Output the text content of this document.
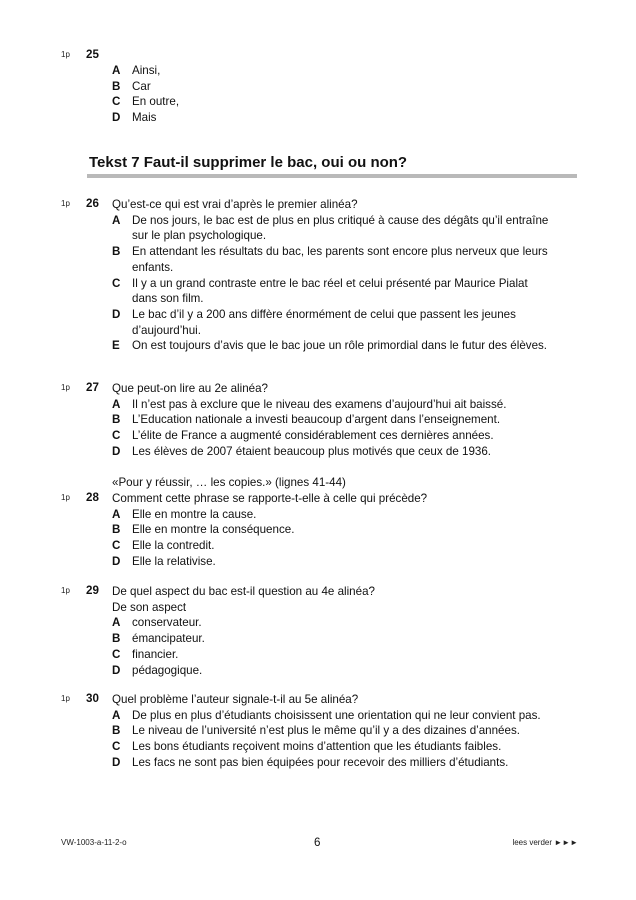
1p 25
A	Ainsi,
B	Car
C	En outre,
D	Mais
Tekst 7 Faut-il supprimer le bac, oui ou non?
1p 26 Qu’est-ce qui est vrai d’après le premier alinéa?
A	De nos jours, le bac est de plus en plus critiqué à cause des dégâts qu’il entraîne sur le plan psychologique.
B	En attendant les résultats du bac, les parents sont encore plus nerveux que leurs enfants.
C	Il y a un grand contraste entre le bac réel et celui présenté par Maurice Pialat dans son film.
D	Le bac d’il y a 200 ans diffère énormément de celui que passent les jeunes d’aujourd’hui.
E	On est toujours d’avis que le bac joue un rôle primordial dans le futur des élèves.
1p 27 Que peut-on lire au 2e alinéa?
A	Il n’est pas à exclure que le niveau des examens d’aujourd’hui ait baissé.
B	L’Education nationale a investi beaucoup d’argent dans l’enseignement.
C	L’élite de France a augmenté considérablement ces dernières années.
D	Les élèves de 2007 étaient beaucoup plus motivés que ceux de 1936.
«Pour y réussir, … les copies.» (lignes 41-44)
1p 28 Comment cette phrase se rapporte-t-elle à celle qui précède?
A	Elle en montre la cause.
B	Elle en montre la conséquence.
C	Elle la contredit.
D	Elle la relativise.
1p 29 De quel aspect du bac est-il question au 4e alinéa?
De son aspect
A	conservateur.
B	émancipateur.
C	financier.
D	pédagogique.
1p 30 Quel problème l’auteur signale-t-il au 5e alinéa?
A	De plus en plus d’étudiants choisissent une orientation qui ne leur convient pas.
B	Le niveau de l’université n’est plus le même qu’il y a des dizaines d’années.
C	Les bons étudiants reçoivent moins d’attention que les étudiants faibles.
D	Les facs ne sont pas bien équipées pour recevoir des milliers d’étudiants.
VW-1003-a-11-2-o	6	lees verder ►►►
